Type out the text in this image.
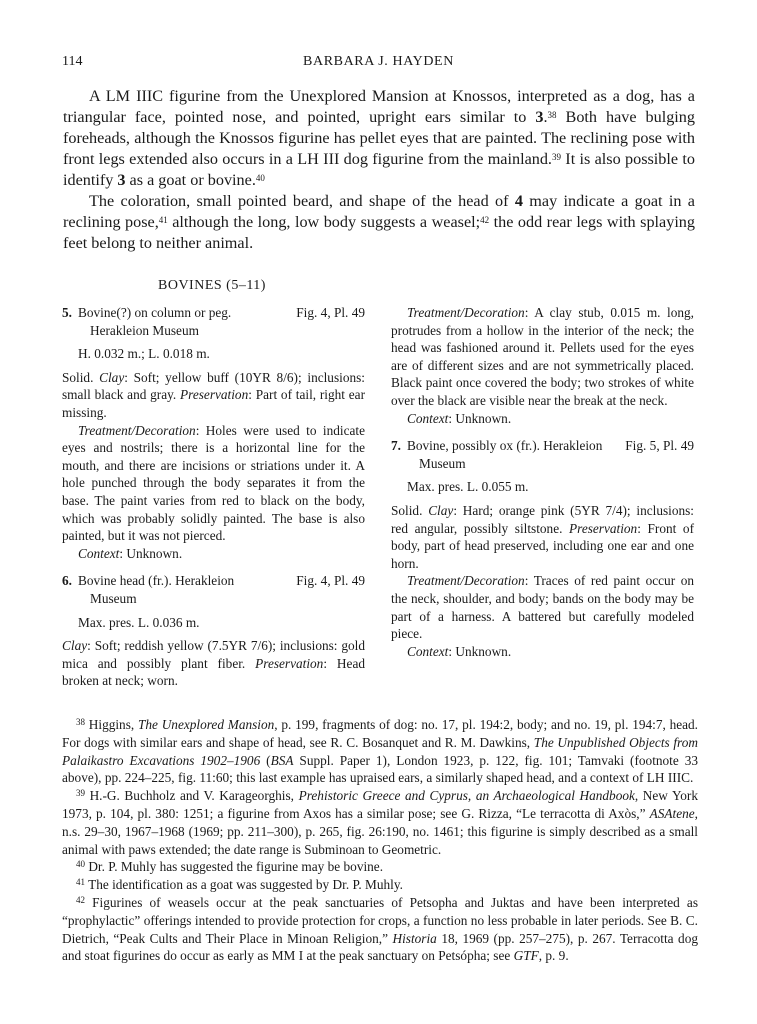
114	BARBARA J. HAYDEN

A LM IIIC figurine from the Unexplored Mansion at Knossos, interpreted as a dog, has a triangular face, pointed nose, and pointed, upright ears similar to 3.38 Both have bulging foreheads, although the Knossos figurine has pellet eyes that are painted. The reclining pose with front legs extended also occurs in a LH III dog figurine from the mainland.$^{39}$ It is also possible to identify 3 as a goat or bovine.$^{40}$

The coloration, small pointed beard, and shape of the head of 4 may indicate a goat in a reclining pose,$^{41}$ although the long, low body suggests a weasel;$^{42}$ the odd rear legs with splaying feet belong to neither animal.

BOVINES (5–11)
5. Bovine(?) on column or peg. Herakleion Museum
Fig. 4, Pl. 49

H. 0.032 m.; L. 0.018 m.

Solid. Clay: Soft; yellow buff (10YR 8/6); inclusions: small black and gray. Preservation: Part of tail, right ear missing.

Treatment/Decoration: Holes were used to indicate eyes and nostrils; there is a horizontal line for the mouth, and there are incisions or striations under it. A hole punched through the body separates it from the base. The paint varies from red to black on the body, which was probably solidly painted. The base is also painted, but it was not pierced.

Context: Unknown.

6. Bovine head (fr.). Herakleion Museum
Fig. 4, Pl. 49

Max. pres. L. 0.036 m.

Clay: Soft; reddish yellow (7.5YR 7/6); inclusions: gold mica and possibly plant fiber. Preservation: Head broken at neck; worn.

Treatment/Decoration: A clay stub, 0.015 m. long, protrudes from a hollow in the interior of the neck; the head was fashioned around it. Pellets used for the eyes are of different sizes and are not symmetrically placed. Black paint once covered the body; two strokes of white over the black are visible near the break at the neck.

Context: Unknown.

7. Bovine, possibly ox (fr.). Herakleion Museum
Fig. 5, Pl. 49

Max. pres. L. 0.055 m.

Solid. Clay: Hard; orange pink (5YR 7/4); inclusions: red angular, possibly siltstone. Preservation: Front of body, part of head preserved, including one ear and one horn.

Treatment/Decoration: Traces of red paint occur on the neck, shoulder, and body; bands on the body may be part of a harness. A battered but carefully modeled piece.

Context: Unknown.

$^{38}$ Higgins, The Unexplored Mansion, p. 199, fragments of dog: no. 17, pl. 194:2, body; and no. 19, pl. 194:7, head. For dogs with similar ears and shape of head, see R. C. Bosanquet and R. M. Dawkins, The Unpublished Objects from Palaikastro Excavations 1902–1906 (BSA Suppl. Paper 1), London 1923, p. 122, fig. 101; Tamvaki (footnote 33 above), pp. 224–225, fig. 11:60; this last example has upraised ears, a similarly shaped head, and a context of LH IIIC.

$^{39}$ H.-G. Buchholz and V. Karageorghis, Prehistoric Greece and Cyprus, an Archaeological Handbook, New York 1973, p. 104, pl. 380: 1251; a figurine from Axos has a similar pose; see G. Rizza, “Le terracotta di Axòs,” ASAtene, n.s. 29–30, 1967–1968 (1969; pp. 211–300), p. 265, fig. 26:190, no. 1461; this figurine is simply described as a small animal with paws extended; the date range is Subminoan to Geometric.

$^{40}$ Dr. P. Muhly has suggested the figurine may be bovine.

$^{41}$ The identification as a goat was suggested by Dr. P. Muhly.

$^{42}$ Figurines of weasels occur at the peak sanctuaries of Petsopha and Juktas and have been interpreted as “prophylactic” offerings intended to provide protection for crops, a function no less probable in later periods. See B. C. Dietrich, “Peak Cults and Their Place in Minoan Religion,” Historia 18, 1969 (pp. 257–275), p. 267. Terracotta dog and stoat figurines do occur as early as MM I at the peak sanctuary on Petsópha; see GTF, p. 9.
